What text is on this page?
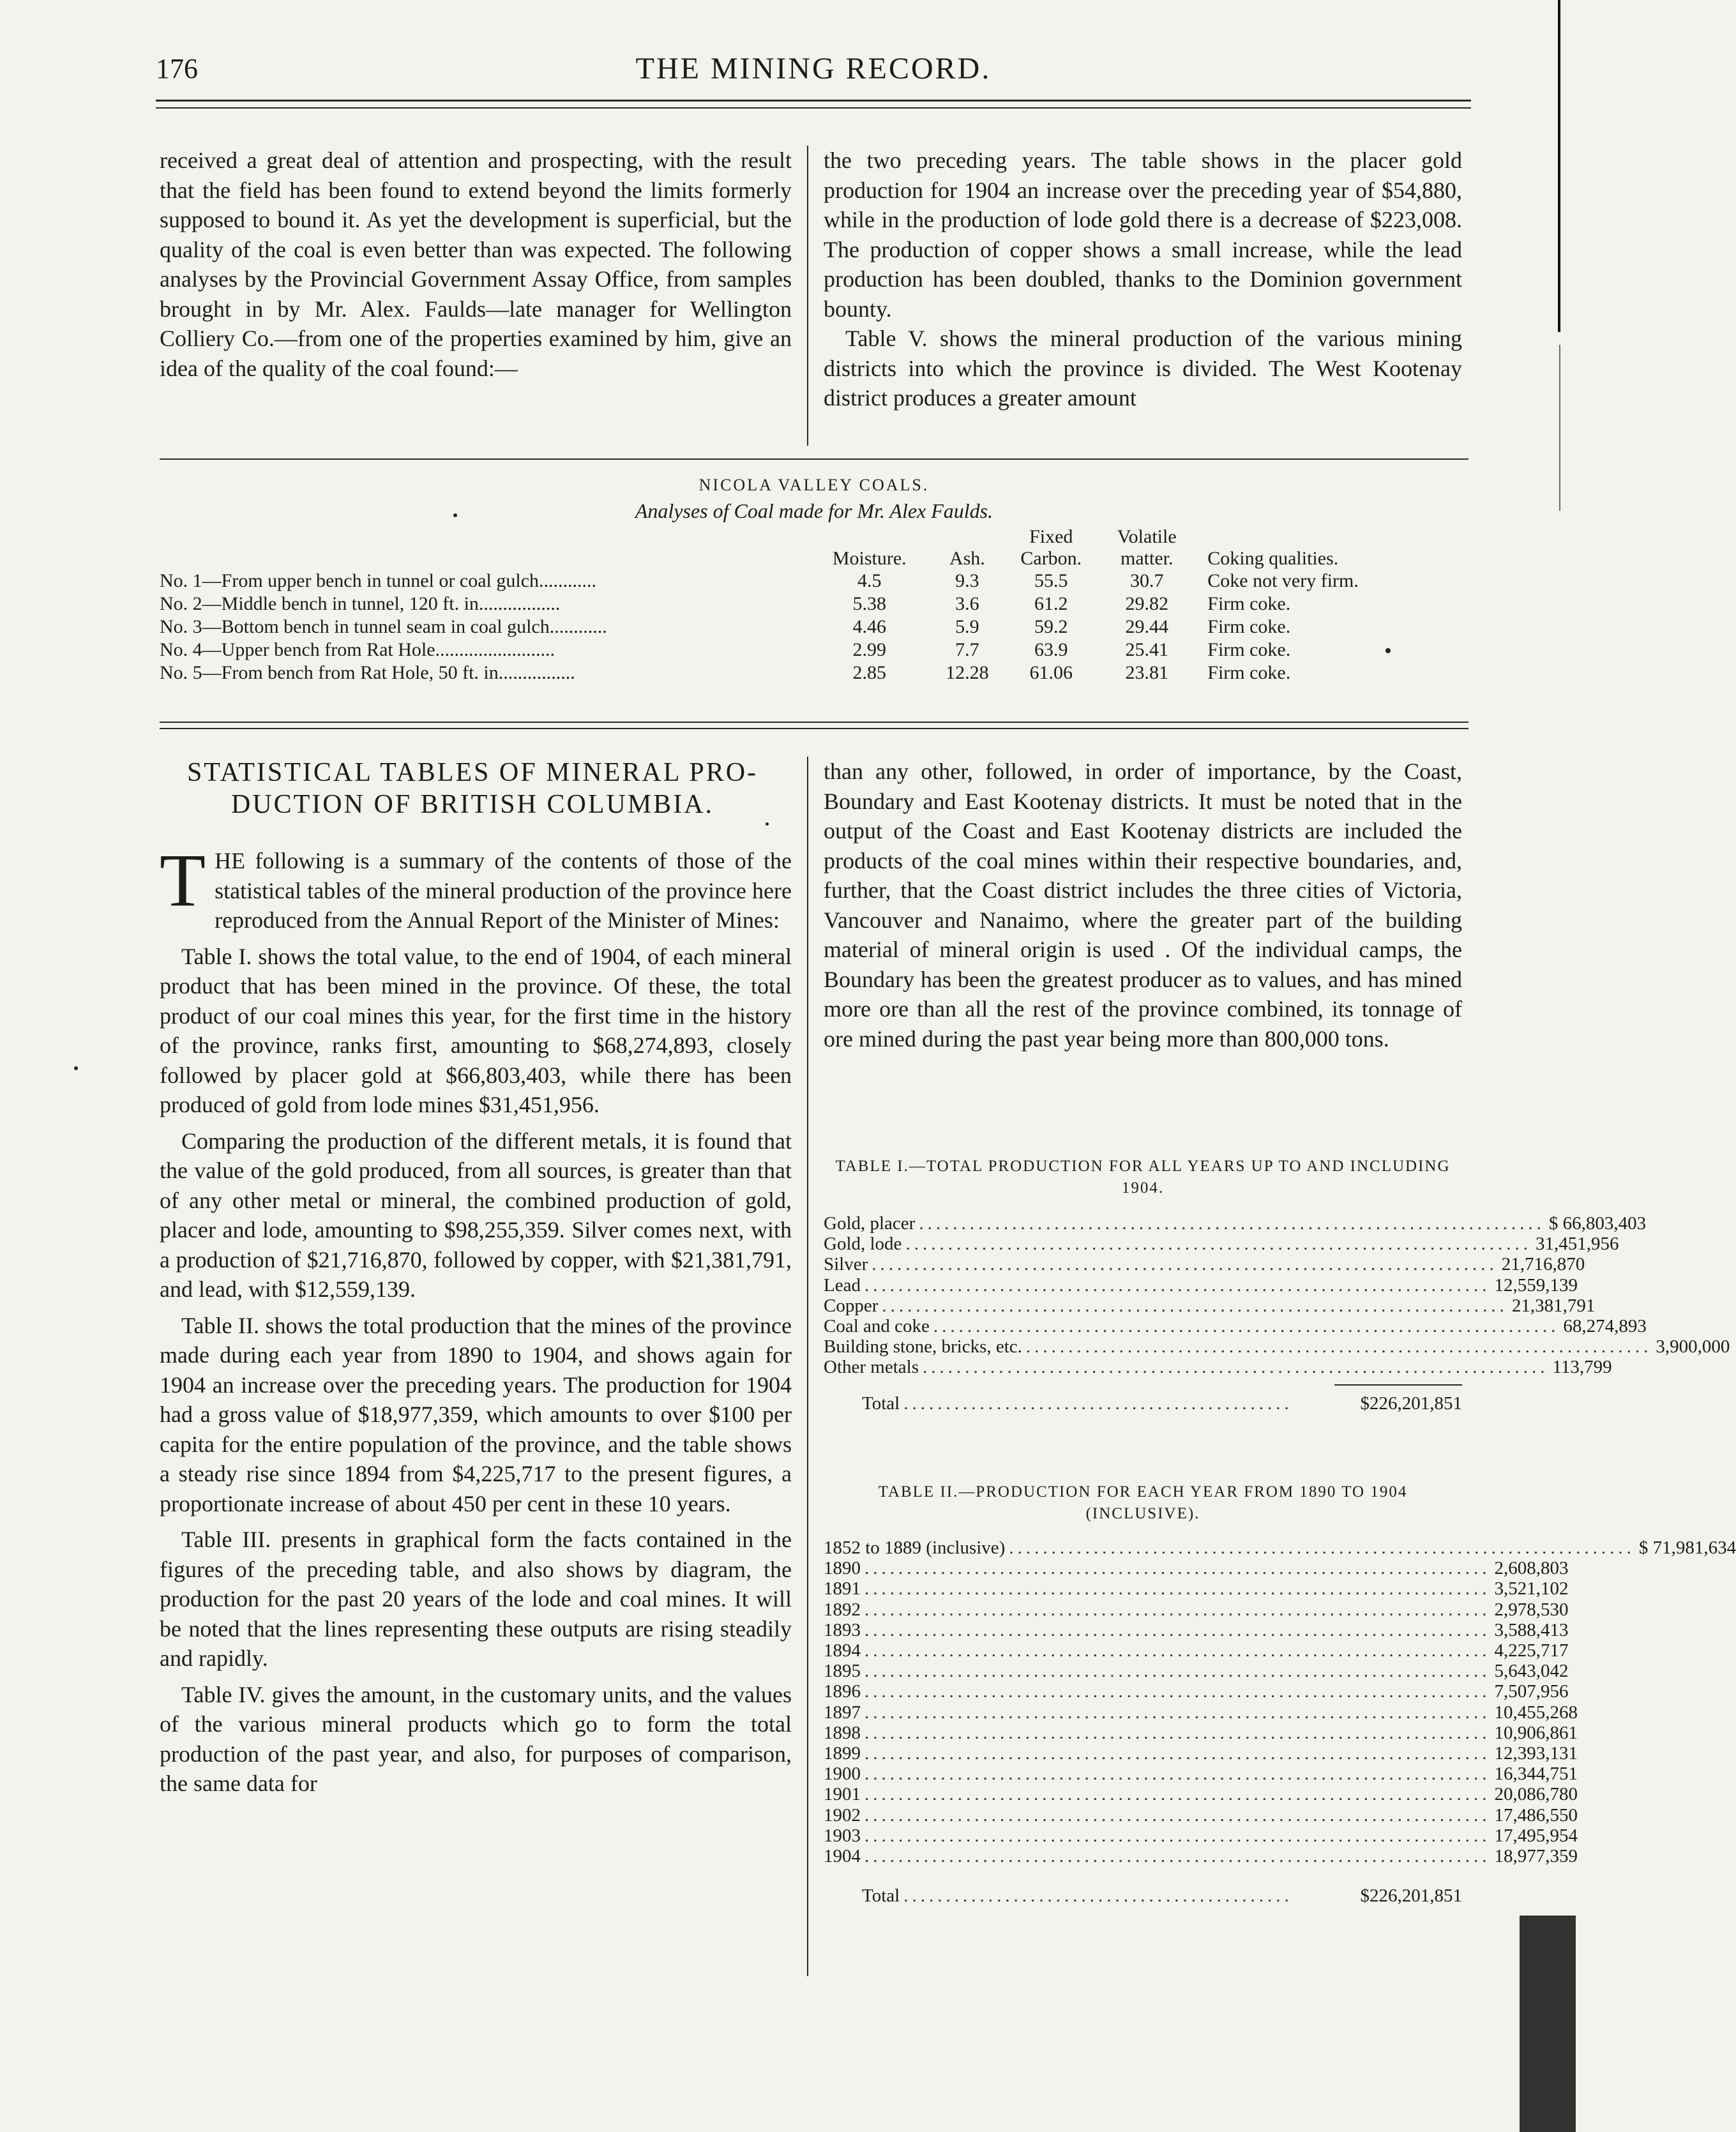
176	THE MINING RECORD.

received a great deal of attention and prospecting, with the result that the field has been found to extend beyond the limits formerly supposed to bound it. As yet the development is superficial, but the quality of the coal is even better than was expected. The following analyses by the Provincial Government Assay Office, from samples brought in by Mr. Alex. Faulds—late manager for Wellington Colliery Co.—from one of the properties examined by him, give an idea of the quality of the coal found:—

the two preceding years. The table shows in the placer gold production for 1904 an increase over the preceding year of $54,880, while in the production of lode gold there is a decrease of $223,008. The production of copper shows a small increase, while the lead production has been doubled, thanks to the Dominion government bounty.

Table V. shows the mineral production of the various mining districts into which the province is divided. The West Kootenay district produces a greater amount

NICOLA VALLEY COALS.
Analyses of Coal made for Mr. Alex Faulds.
	Moisture.	Ash.	Fixed Carbon.	Volatile matter.	Coking qualities.
No. 1—From upper bench in tunnel or coal gulch............	4.5	9.3	55.5	30.7	Coke not very firm.
No. 2—Middle bench in tunnel, 120 ft. in.................	5.38	3.6	61.2	29.82	Firm coke.
No. 3—Bottom bench in tunnel seam in coal gulch............	4.46	5.9	59.2	29.44	Firm coke.
No. 4—Upper bench from Rat Hole.........................	2.99	7.7	63.9	25.41	Firm coke.
No. 5—From bench from Rat Hole, 50 ft. in................	2.85	12.28	61.06	23.81	Firm coke.
STATISTICAL TABLES OF MINERAL PRO-
DUCTION OF BRITISH COLUMBIA.

THE following is a summary of the contents of those of the statistical tables of the mineral production of the province here reproduced from the Annual Report of the Minister of Mines:

Table I. shows the total value, to the end of 1904, of each mineral product that has been mined in the province. Of these, the total product of our coal mines this year, for the first time in the history of the province, ranks first, amounting to $68,274,893, closely followed by placer gold at $66,803,403, while there has been produced of gold from lode mines $31,451,956.

Comparing the production of the different metals, it is found that the value of the gold produced, from all sources, is greater than that of any other metal or mineral, the combined production of gold, placer and lode, amounting to $98,255,359. Silver comes next, with a production of $21,716,870, followed by copper, with $21,381,791, and lead, with $12,559,139.

Table II. shows the total production that the mines of the province made during each year from 1890 to 1904, and shows again for 1904 an increase over the preceding years. The production for 1904 had a gross value of $18,977,359, which amounts to over $100 per capita for the entire population of the province, and the table shows a steady rise since 1894 from $4,225,717 to the present figures, a proportionate increase of about 450 per cent in these 10 years.

Table III. presents in graphical form the facts contained in the figures of the preceding table, and also shows by diagram, the production for the past 20 years of the lode and coal mines. It will be noted that the lines representing these outputs are rising steadily and rapidly.

Table IV. gives the amount, in the customary units, and the values of the various mineral products which go to form the total production of the past year, and also, for purposes of comparison, the same data for

than any other, followed, in order of importance, by the Coast, Boundary and East Kootenay districts. It must be noted that in the output of the Coast and East Kootenay districts are included the products of the coal mines within their respective boundaries, and, further, that the Coast district includes the three cities of Victoria, Vancouver and Nanaimo, where the greater part of the building material of mineral origin is used . Of the individual camps, the Boundary has been the greatest producer as to values, and has mined more ore than all the rest of the province combined, its tonnage of ore mined during the past year being more than 800,000 tons.

TABLE I.—TOTAL PRODUCTION FOR ALL YEARS UP TO AND INCLUDING 1904.
Gold, placer .......................................................................... $ 66,803,403
Gold, lode .......................................................................... 31,451,956
Silver .......................................................................... 21,716,870
Lead .......................................................................... 12,559,139
Copper .......................................................................... 21,381,791
Coal and coke .......................................................................... 68,274,893
Building stone, bricks, etc. .......................................................................... 3,900,000
Other metals .......................................................................... 113,799
Total ..............................................	$226,201,851
TABLE II.—PRODUCTION FOR EACH YEAR FROM 1890 TO 1904 (INCLUSIVE).
1852 to 1889 (inclusive) .......................................................................... $ 71,981,634
1890 .......................................................................... 2,608,803
1891 .......................................................................... 3,521,102
1892 .......................................................................... 2,978,530
1893 .......................................................................... 3,588,413
1894 .......................................................................... 4,225,717
1895 .......................................................................... 5,643,042
1896 .......................................................................... 7,507,956
1897 .......................................................................... 10,455,268
1898 .......................................................................... 10,906,861
1899 .......................................................................... 12,393,131
1900 .......................................................................... 16,344,751
1901 .......................................................................... 20,086,780
1902 .......................................................................... 17,486,550
1903 .......................................................................... 17,495,954
1904 .......................................................................... 18,977,359
Total ..............................................	$226,201,851
